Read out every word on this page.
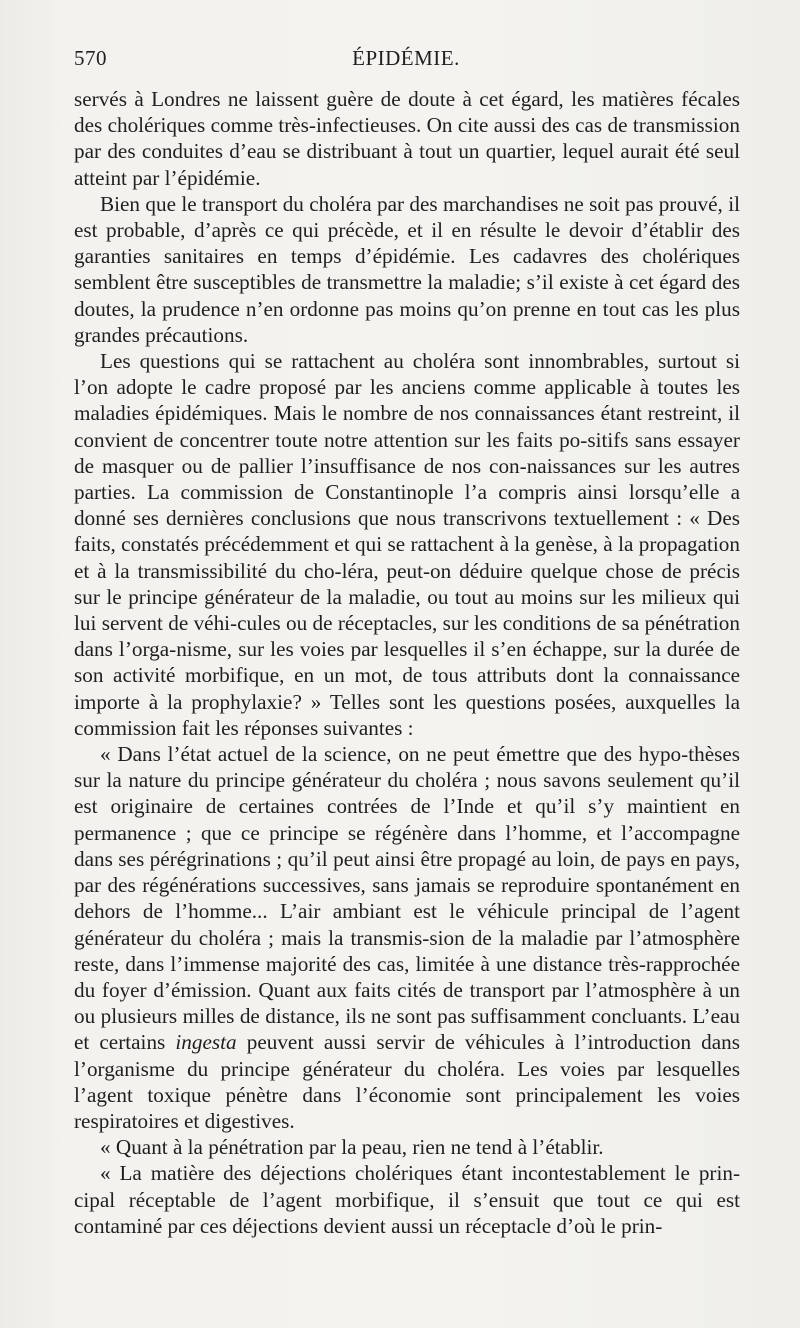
570	ÉPIDÉMIE.

servés à Londres ne laissent guère de doute à cet égard, les matières fécales des cholériques comme très-infectieuses. On cite aussi des cas de transmission par des conduites d’eau se distribuant à tout un quartier, lequel aurait été seul atteint par l’épidémie.

Bien que le transport du choléra par des marchandises ne soit pas prouvé, il est probable, d’après ce qui précède, et il en résulte le devoir d’établir des garanties sanitaires en temps d’épidémie. Les cadavres des cholériques semblent être susceptibles de transmettre la maladie; s’il existe à cet égard des doutes, la prudence n’en ordonne pas moins qu’on prenne en tout cas les plus grandes précautions.

Les questions qui se rattachent au choléra sont innombrables, surtout si l’on adopte le cadre proposé par les anciens comme applicable à toutes les maladies épidémiques. Mais le nombre de nos connaissances étant restreint, il convient de concentrer toute notre attention sur les faits po-sitifs sans essayer de masquer ou de pallier l’insuffisance de nos con-naissances sur les autres parties. La commission de Constantinople l’a compris ainsi lorsqu’elle a donné ses dernières conclusions que nous transcrivons textuellement : « Des faits, constatés précédemment et qui se rattachent à la genèse, à la propagation et à la transmissibilité du cho-léra, peut-on déduire quelque chose de précis sur le principe générateur de la maladie, ou tout au moins sur les milieux qui lui servent de véhi-cules ou de réceptacles, sur les conditions de sa pénétration dans l’orga-nisme, sur les voies par lesquelles il s’en échappe, sur la durée de son activité morbifique, en un mot, de tous attributs dont la connaissance importe à la prophylaxie? » Telles sont les questions posées, auxquelles la commission fait les réponses suivantes :

« Dans l’état actuel de la science, on ne peut émettre que des hypo-thèses sur la nature du principe générateur du choléra ; nous savons seulement qu’il est originaire de certaines contrées de l’Inde et qu’il s’y maintient en permanence ; que ce principe se régénère dans l’homme, et l’accompagne dans ses pérégrinations ; qu’il peut ainsi être propagé au loin, de pays en pays, par des régénérations successives, sans jamais se reproduire spontanément en dehors de l’homme... L’air ambiant est le véhicule principal de l’agent générateur du choléra ; mais la transmis-sion de la maladie par l’atmosphère reste, dans l’immense majorité des cas, limitée à une distance très-rapprochée du foyer d’émission. Quant aux faits cités de transport par l’atmosphère à un ou plusieurs milles de distance, ils ne sont pas suffisamment concluants. L’eau et certains ingesta peuvent aussi servir de véhicules à l’introduction dans l’organisme du principe générateur du choléra. Les voies par lesquelles l’agent toxique pénètre dans l’économie sont principalement les voies respiratoires et digestives.

« Quant à la pénétration par la peau, rien ne tend à l’établir.

« La matière des déjections cholériques étant incontestablement le prin-cipal réceptable de l’agent morbifique, il s’ensuit que tout ce qui est contaminé par ces déjections devient aussi un réceptacle d’où le prin-
